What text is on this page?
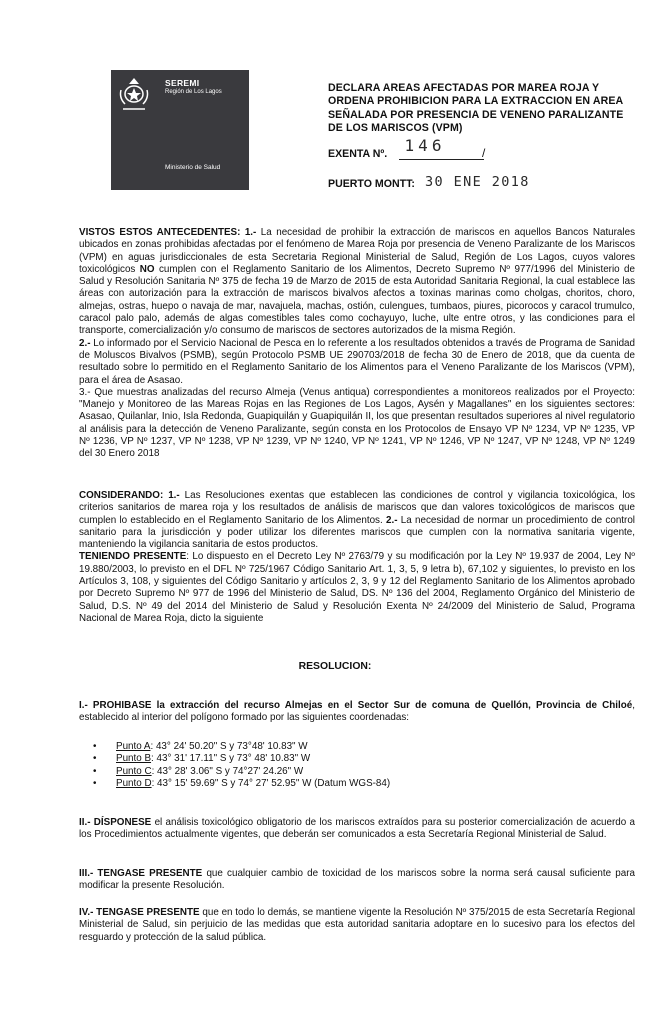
SEREMI
Región de Los Lagos
Ministerio de Salud
DECLARA AREAS AFECTADAS POR MAREA ROJA Y ORDENA PROHIBICION PARA LA EXTRACCION EN AREA SEÑALADA POR PRESENCIA DE VENENO PARALIZANTE DE LOS MARISCOS (VPM)
EXENTA Nº.	146	/
PUERTO MONTT: 30 ENE 2018

VISTOS ESTOS ANTECEDENTES: 1.- La necesidad de prohibir la extracción de mariscos en aquellos Bancos Naturales ubicados en zonas prohibidas afectadas por el fenómeno de Marea Roja por presencia de Veneno Paralizante de los Mariscos (VPM) en aguas jurisdiccionales de esta Secretaria Regional Ministerial de Salud, Región de Los Lagos, cuyos valores toxicológicos NO cumplen con el Reglamento Sanitario de los Alimentos, Decreto Supremo Nº 977/1996 del Ministerio de Salud y Resolución Sanitaria Nº 375 de fecha 19 de Marzo de 2015 de esta Autoridad Sanitaria Regional, la cual establece las áreas con autorización para la extracción de mariscos bivalvos afectos a toxinas marinas como cholgas, choritos, choro, almejas, ostras, huepo o navaja de mar, navajuela, machas, ostión, culengues, tumbaos, piures, picorocos y caracol trumulco, caracol palo palo, además de algas comestibles tales como cochayuyo, luche, ulte entre otros, y las condiciones para el transporte, comercialización y/o consumo de mariscos de sectores autorizados de la misma Región.

2.- Lo informado por el Servicio Nacional de Pesca en lo referente a los resultados obtenidos a través de Programa de Sanidad de Moluscos Bivalvos (PSMB), según Protocolo PSMB UE 290703/2018 de fecha 30 de Enero de 2018, que da cuenta de resultado sobre lo permitido en el Reglamento Sanitario de los Alimentos para el Veneno Paralizante de los Mariscos (VPM), para el área de Asasao.

3.- Que muestras analizadas del recurso Almeja (Venus antiqua) correspondientes a monitoreos realizados por el Proyecto: "Manejo y Monitoreo de las Mareas Rojas en las Regiones de Los Lagos, Aysén y Magallanes" en los siguientes sectores: Asasao, Quilanlar, Inio, Isla Redonda, Guapiquilán y Guapiquilán II, los que presentan resultados superiores al nivel regulatorio al análisis para la detección de Veneno Paralizante, según consta en los Protocolos de Ensayo VP Nº 1234, VP Nº 1235, VP Nº 1236, VP Nº 1237, VP Nº 1238, VP Nº 1239, VP Nº 1240, VP Nº 1241, VP Nº 1246, VP Nº 1247, VP Nº 1248, VP Nº 1249 del 30 Enero 2018

CONSIDERANDO: 1.- Las Resoluciones exentas que establecen las condiciones de control y vigilancia toxicológica, los criterios sanitarios de marea roja y los resultados de análisis de mariscos que dan valores toxicológicos de mariscos que cumplen lo establecido en el Reglamento Sanitario de los Alimentos. 2.- La necesidad de normar un procedimiento de control sanitario para la jurisdicción y poder utilizar los diferentes mariscos que cumplen con la normativa sanitaria vigente, manteniendo la vigilancia sanitaria de estos productos.

TENIENDO PRESENTE: Lo dispuesto en el Decreto Ley Nº 2763/79 y su modificación por la Ley Nº 19.937 de 2004, Ley Nº 19.880/2003, lo previsto en el DFL Nº 725/1967 Código Sanitario Art. 1, 3, 5, 9 letra b), 67,102 y siguientes, lo previsto en los Artículos 3, 108, y siguientes del Código Sanitario y artículos 2, 3, 9 y 12 del Reglamento Sanitario de los Alimentos aprobado por Decreto Supremo Nº 977 de 1996 del Ministerio de Salud, DS. Nº 136 del 2004, Reglamento Orgánico del Ministerio de Salud, D.S. Nº 49 del 2014 del Ministerio de Salud y Resolución Exenta Nº 24/2009 del Ministerio de Salud, Programa Nacional de Marea Roja, dicto la siguiente

RESOLUCION:

I.- PROHIBASE la extracción del recurso Almejas en el Sector Sur de comuna de Quellón, Provincia de Chiloé, establecido al interior del polígono formado por las siguientes coordenadas:

• Punto A: 43° 24' 50.20" S y 73°48' 10.83" W
• Punto B: 43° 31' 17.11" S y 73° 48' 10.83" W
• Punto C: 43° 28' 3.06" S y 74°27' 24.26" W
• Punto D: 43° 15' 59.69" S y 74° 27' 52.95" W (Datum WGS-84)

II.- DÍSPONESE el análisis toxicológico obligatorio de los mariscos extraídos para su posterior comercialización de acuerdo a los Procedimientos actualmente vigentes, que deberán ser comunicados a esta Secretaría Regional Ministerial de Salud.

III.- TENGASE PRESENTE que cualquier cambio de toxicidad de los mariscos sobre la norma será causal suficiente para modificar la presente Resolución.

IV.- TENGASE PRESENTE que en todo lo demás, se mantiene vigente la Resolución Nº 375/2015 de esta Secretaría Regional Ministerial de Salud, sin perjuicio de las medidas que esta autoridad sanitaria adoptare en lo sucesivo para los efectos del resguardo y protección de la salud pública.
